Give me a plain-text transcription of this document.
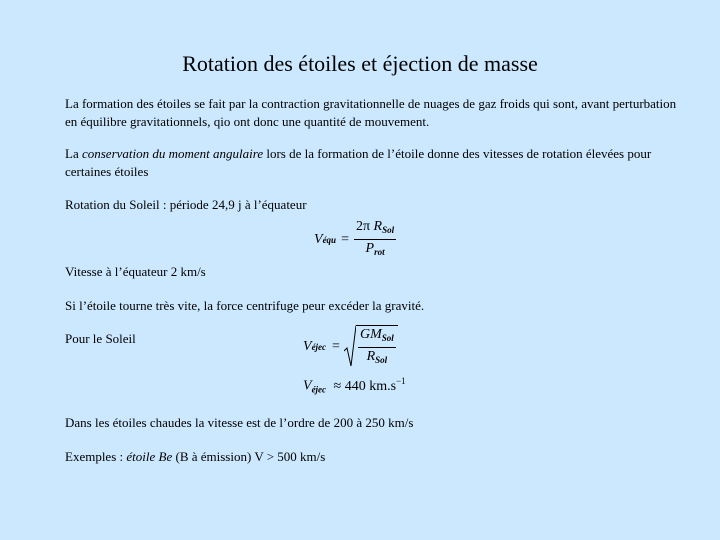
Rotation des étoiles et éjection de masse
La formation des étoiles se fait par la contraction gravitationnelle de nuages de gaz froids qui sont, avant perturbation en équilibre gravitationnels, qio ont donc une quantité de mouvement.
La conservation du moment angulaire lors de la formation de l’étoile donne des vitesses de rotation élevées pour certaines étoiles
Rotation du Soleil : période 24,9 j à l’équateur
V équ = $\frac{2\pi R_{Sol}}{P_{rot}}$
Vitesse à l’équateur 2 km/s
Si l’étoile tourne très vite, la force centrifuge peur excéder la gravité.
Pour le Soleil
V éjec = $\frac{GM_{Sol}}{R_{Sol}}$
$V_{éjec} \approx 440$ $km.s^{-1}$
Dans les étoiles chaudes la vitesse est de l’ordre de 200 à 250 km/s
Exemples : étoile Be (B à émission) V > 500 km/s
